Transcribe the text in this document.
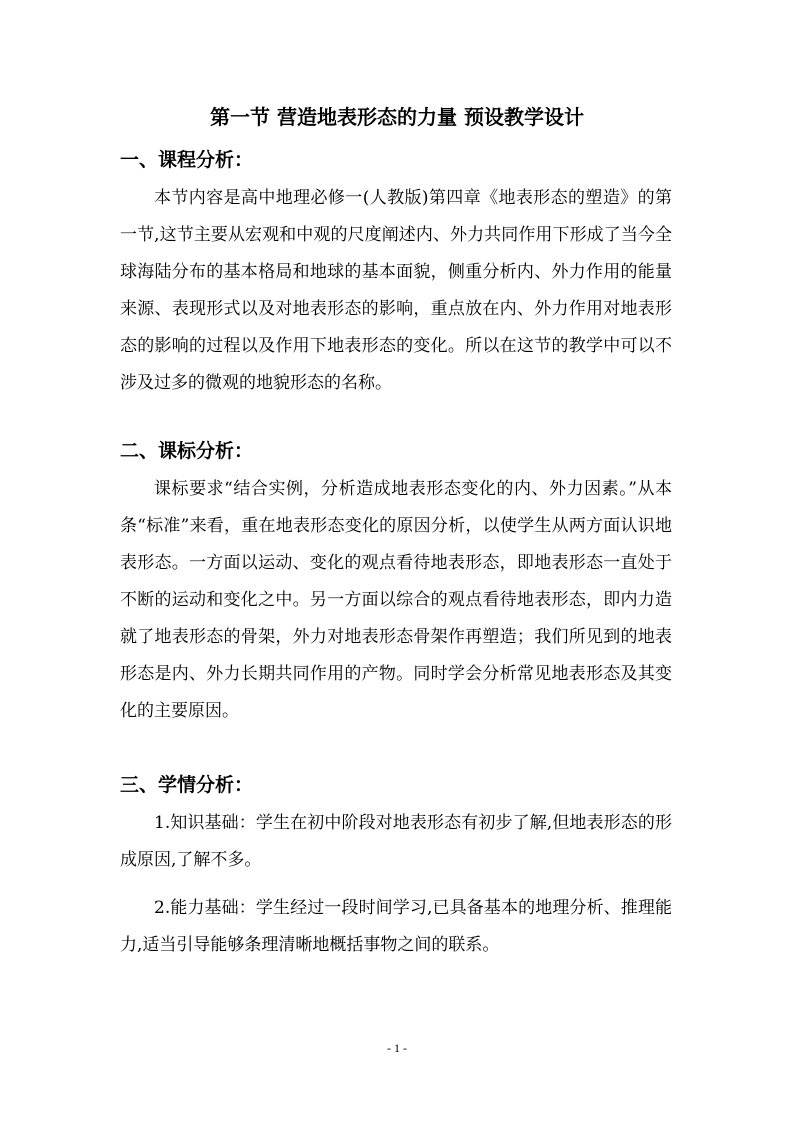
第一节 营造地表形态的力量 预设教学设计
一、课程分析：

本节内容是高中地理必修一(人教版)第四章《地表形态的塑造》的第一节,这节主要从宏观和中观的尺度阐述内、外力共同作用下形成了当今全球海陆分布的基本格局和地球的基本面貌，侧重分析内、外力作用的能量来源、表现形式以及对地表形态的影响，重点放在内、外力作用对地表形态的影响的过程以及作用下地表形态的变化。所以在这节的教学中可以不涉及过多的微观的地貌形态的名称。

二、课标分析：

课标要求“结合实例，分析造成地表形态变化的内、外力因素。”从本条“标准”来看，重在地表形态变化的原因分析，以使学生从两方面认识地表形态。一方面以运动、变化的观点看待地表形态，即地表形态一直处于不断的运动和变化之中。另一方面以综合的观点看待地表形态，即内力造就了地表形态的骨架，外力对地表形态骨架作再塑造；我们所见到的地表形态是内、外力长期共同作用的产物。同时学会分析常见地表形态及其变化的主要原因。

三、学情分析：

1.知识基础：学生在初中阶段对地表形态有初步了解,但地表形态的形成原因,了解不多。

2.能力基础：学生经过一段时间学习,已具备基本的地理分析、推理能力,适当引导能够条理清晰地概括事物之间的联系。

- 1 -
